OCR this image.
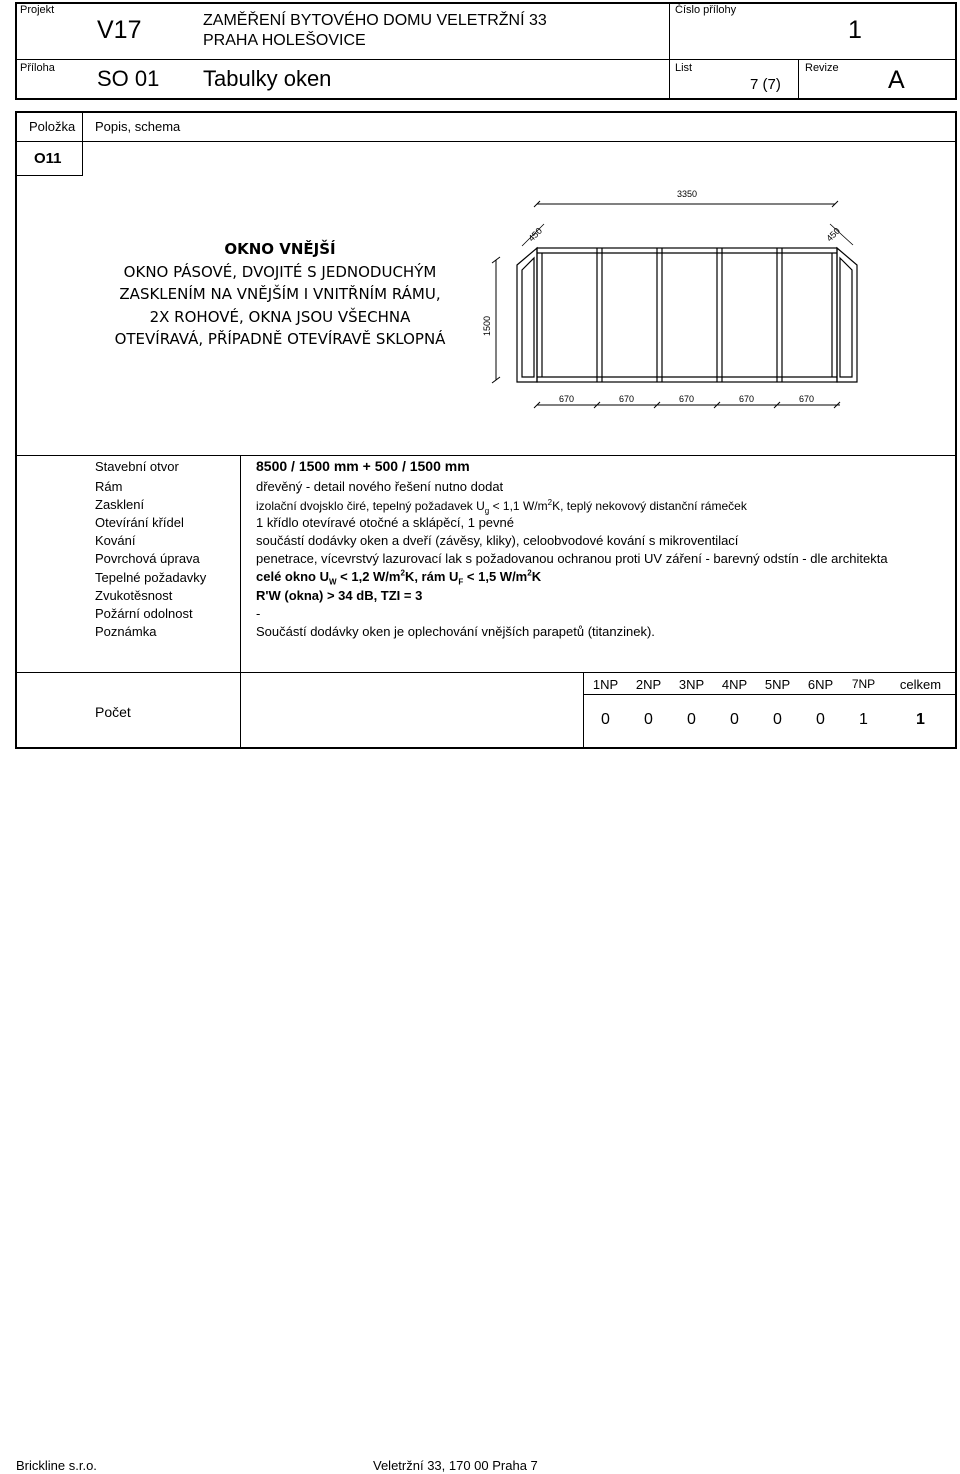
Projekt
V17	ZAMĚŘENÍ BYTOVÉHO DOMU VELETRŽNÍ 33
PRAHA HOLEŠOVICE
Číslo přílohy
1
Příloha SO 01 Tabulky oken	List
7 (7)
Revize A
Položka Popis, schema
O11
OKNO VNĚJŠÍ
OKNO PÁSOVÉ, DVOJITÉ S JEDNODUCHÝM
ZASKLENÍM NA VNĚJŠÍM I VNITŘNÍM RÁMU,
2X ROHOVÉ, OKNA JSOU VŠECHNA
OTEVÍRAVÁ, PŘÍPADNĚ OTEVÍRAVĚ SKLOPNÁ
3350
450	450
1500
670	670	670	670	670
Stavební otvor	8500 / 1500 mm + 500 / 1500 mm
Rám	dřevěný - detail nového řešení nutno dodat
Zasklení	izolační dvojsklo čiré, tepelný požadavek $U_g < 1,1$ $W/m^2K$, teplý nekovový distanční rámeček
Otevírání křídel	1 křídlo otevíravé otočné a sklápěcí, 1 pevné
Kování	součástí dodávky oken a dveří (závěsy, kliky), celoobvodové kování s mikroventilací
Povrchová úprava	penetrace, vícevrstvý lazurovací lak s požadovanou ochranou proti UV záření - barevný odstín - dle architekta
Tepelné požadavky	celé okno $U_W < 1,2$ $W/m^2K$, rám $U_F < 1,5$ $W/m^2K$
Zvukotěsnost	R'W (okna) > 34 dB, TZI = 3
Požární odolnost	-
Poznámka	Součástí dodávky oken je oplechování vnějších parapetů (titanzinek).
Počet
1NP	2NP	3NP	4NP	5NP	6NP	7NP	celkem
0	0	0	0	0	0	1	1
Brickline s.r.o.	Veletržní 33, 170 00 Praha 7
